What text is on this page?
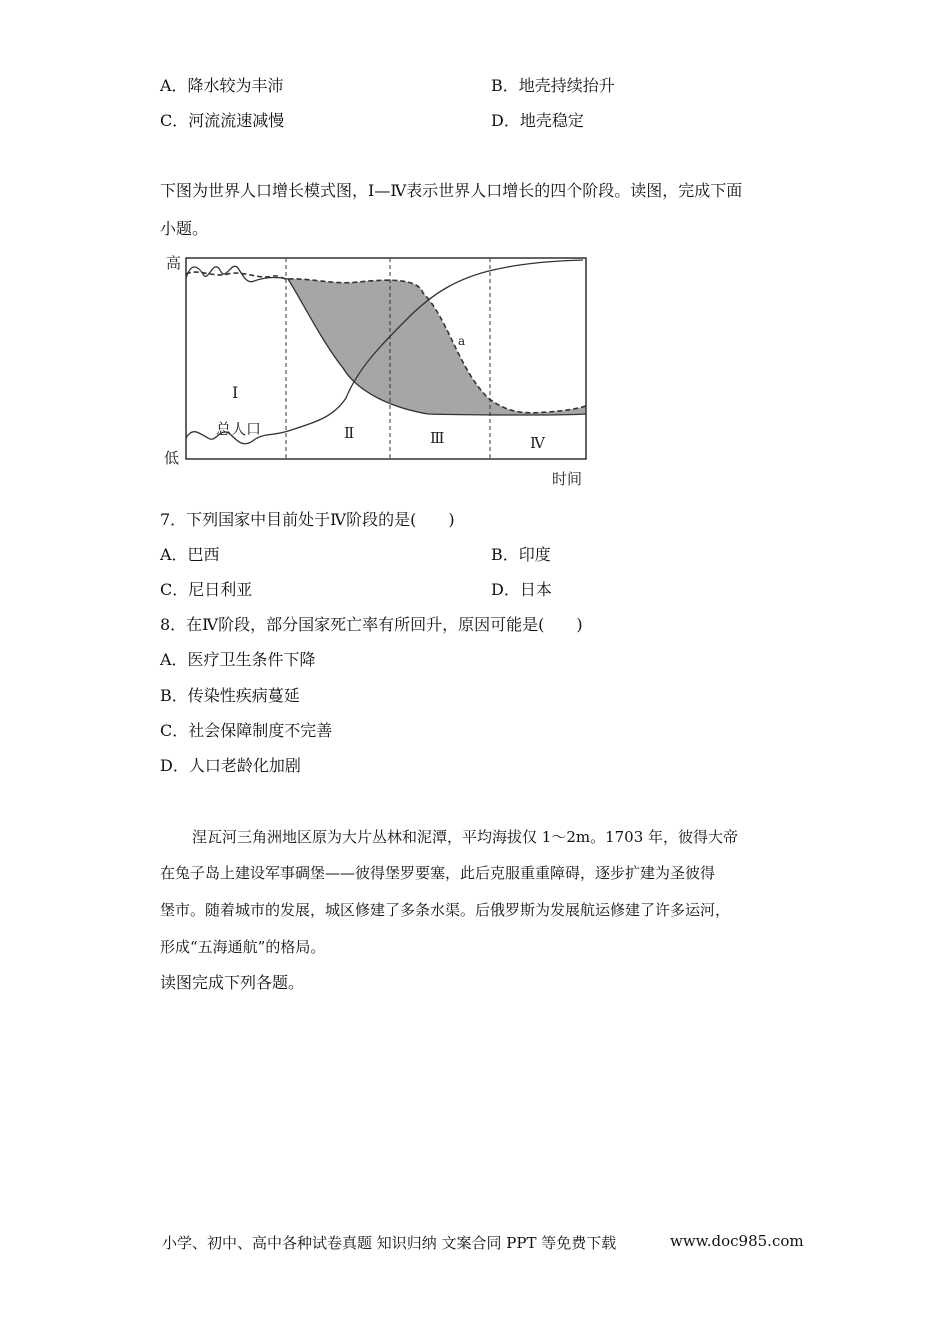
A．降水较为丰沛	B．地壳持续抬升
C．河流流速减慢	D．地壳稳定
下图为世界人口增长模式图，Ⅰ—Ⅳ表示世界人口增长的四个阶段。读图，完成下面
小题。
高
低
时间
Ⅰ
总人口	Ⅱ	Ⅲ	Ⅳ
a
7．下列国家中目前处于Ⅳ阶段的是(　　)
A．巴西	B．印度
C．尼日利亚	D．日本
8．在Ⅳ阶段，部分国家死亡率有所回升，原因可能是(　　)
A．医疗卫生条件下降
B．传染性疾病蔓延
C．社会保障制度不完善
D．人口老龄化加剧
涅瓦河三角洲地区原为大片丛林和泥潭，平均海拔仅 1～2m。1703 年，彼得大帝
在兔子岛上建设军事碉堡——彼得堡罗要塞，此后克服重重障碍，逐步扩建为圣彼得
堡市。随着城市的发展，城区修建了多条水渠。后俄罗斯为发展航运修建了许多运河，
形成“五海通航”的格局。
读图完成下列各题。
小学、初中、高中各种试卷真题 知识归纳 文案合同 PPT 等免费下载	www.doc985.com
